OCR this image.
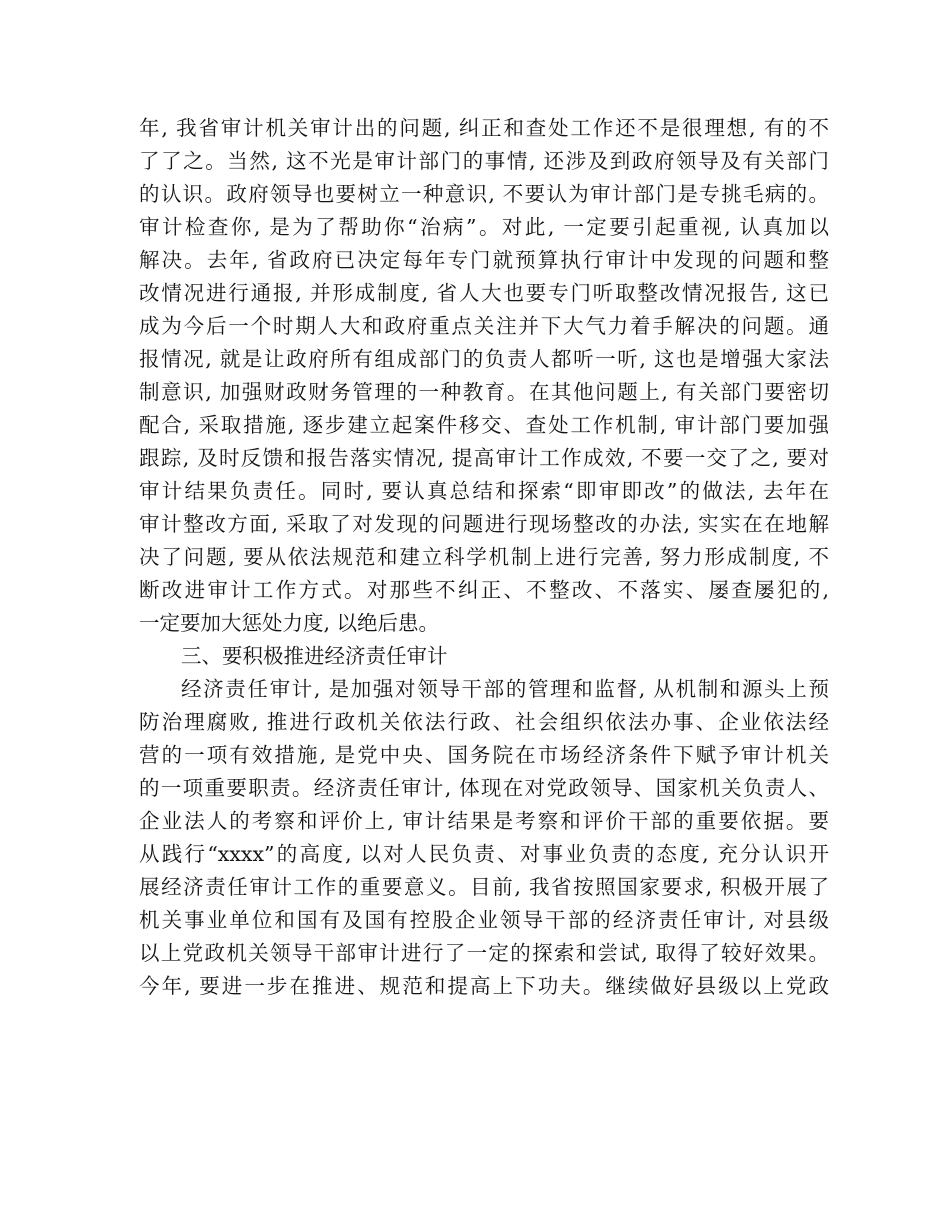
年, 我省审计机关审计出的问题, 纠正和查处工作还不是很理想, 有的不
了了之。当然, 这不光是审计部门的事情, 还涉及到政府领导及有关部门
的认识。政府领导也要树立一种意识, 不要认为审计部门是专挑毛病的。
审计检查你, 是为了帮助你“治病”。对此, 一定要引起重视, 认真加以
解决。去年, 省政府已决定每年专门就预算执行审计中发现的问题和整
改情况进行通报, 并形成制度, 省人大也要专门听取整改情况报告, 这已
成为今后一个时期人大和政府重点关注并下大气力着手解决的问题。通
报情况, 就是让政府所有组成部门的负责人都听一听, 这也是增强大家法
制意识, 加强财政财务管理的一种教育。在其他问题上, 有关部门要密切
配合, 采取措施, 逐步建立起案件移交、查处工作机制, 审计部门要加强
跟踪, 及时反馈和报告落实情况, 提高审计工作成效, 不要一交了之, 要对
审计结果负责任。同时, 要认真总结和探索“即审即改”的做法, 去年在
审计整改方面, 采取了对发现的问题进行现场整改的办法, 实实在在地解
决了问题, 要从依法规范和建立科学机制上进行完善, 努力形成制度, 不
断改进审计工作方式。对那些不纠正、不整改、不落实、屡查屡犯的,
一定要加大惩处力度, 以绝后患。
三、要积极推进经济责任审计
经济责任审计, 是加强对领导干部的管理和监督, 从机制和源头上预
防治理腐败, 推进行政机关依法行政、社会组织依法办事、企业依法经
营的一项有效措施, 是党中央、国务院在市场经济条件下赋予审计机关
的一项重要职责。经济责任审计, 体现在对党政领导、国家机关负责人、
企业法人的考察和评价上, 审计结果是考察和评价干部的重要依据。要
从践行“xxxx”的高度, 以对人民负责、对事业负责的态度, 充分认识开
展经济责任审计工作的重要意义。目前, 我省按照国家要求, 积极开展了
机关事业单位和国有及国有控股企业领导干部的经济责任审计, 对县级
以上党政机关领导干部审计进行了一定的探索和尝试, 取得了较好效果。
今年, 要进一步在推进、规范和提高上下功夫。继续做好县级以上党政
